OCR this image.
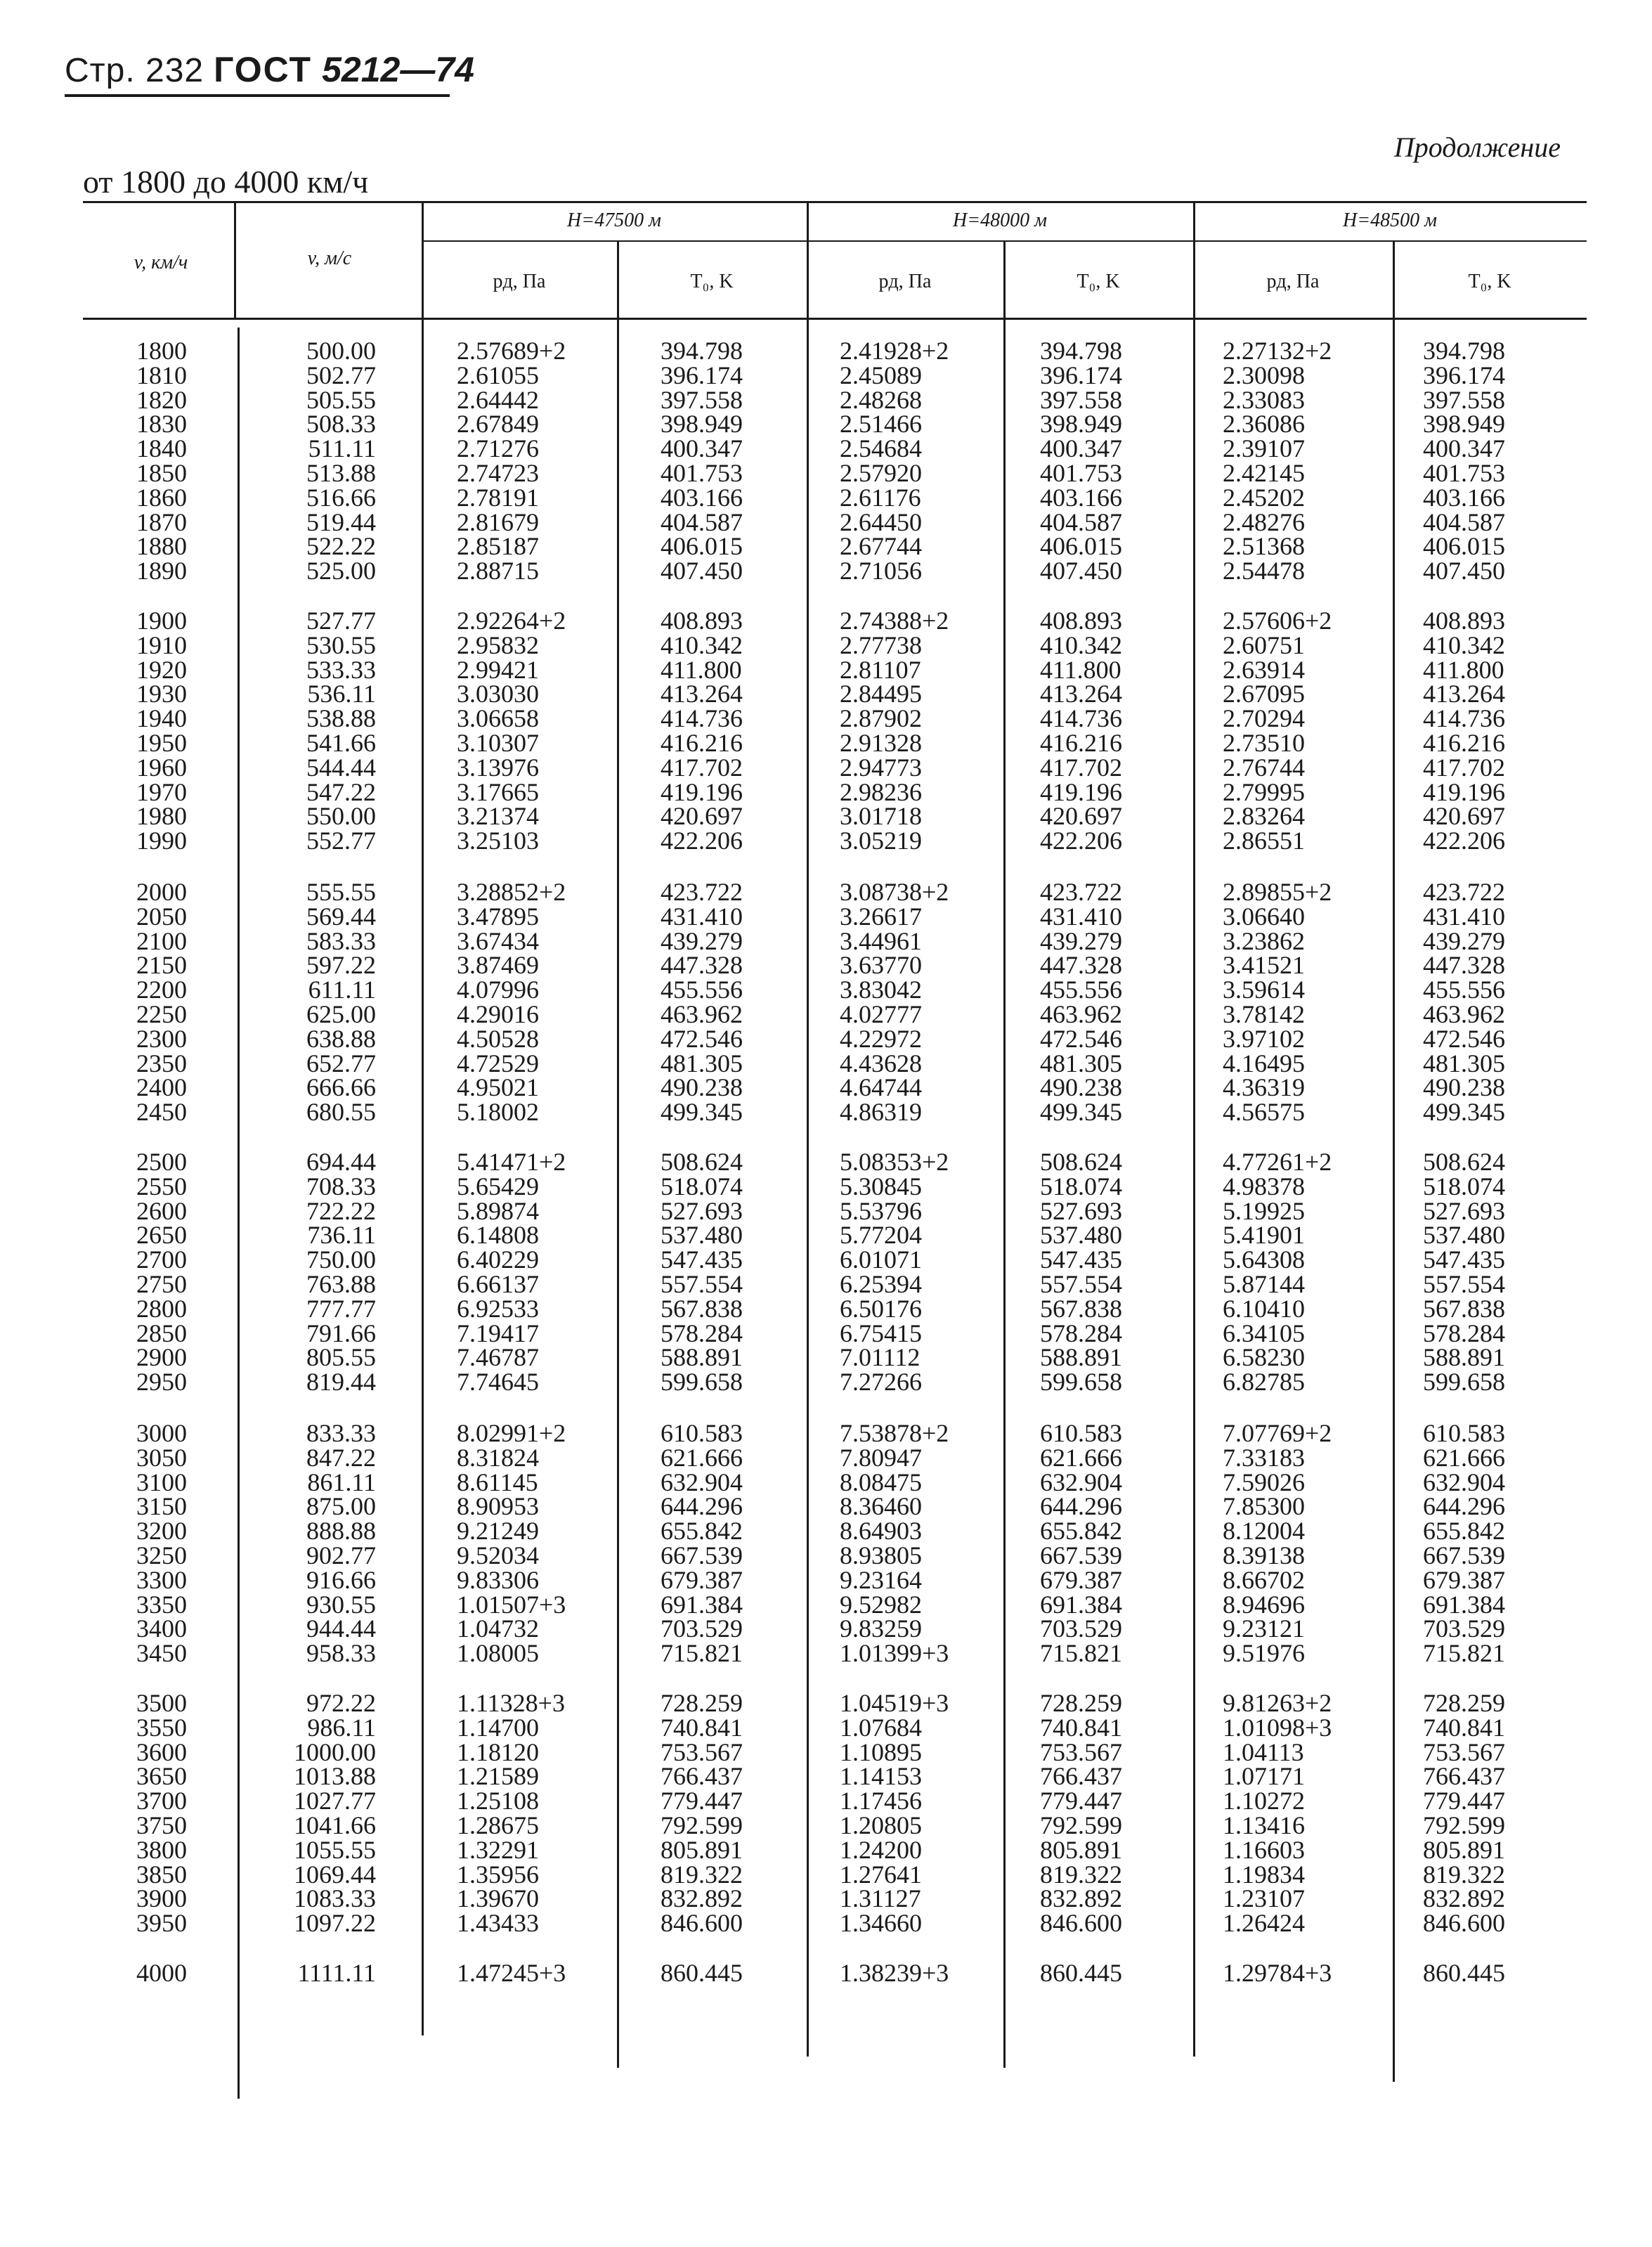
Стр. 232 ГОСТ 5212—74
Продолжение
от 1800 до 4000 км/ч
v, км/ч	v, м/с
H=47500 м	H=48000 м	H=48500 м
pд, Па	T₀, K	pд, Па	T₀, K	pд, Па	T₀, K
1800	500.00	2.57689+2	394.798	2.41928+2	394.798	2.27132+2	394.798
1810	502.77	2.61055	396.174	2.45089	396.174	2.30098	396.174
1820	505.55	2.64442	397.558	2.48268	397.558	2.33083	397.558
1830	508.33	2.67849	398.949	2.51466	398.949	2.36086	398.949
1840	511.11	2.71276	400.347	2.54684	400.347	2.39107	400.347
1850	513.88	2.74723	401.753	2.57920	401.753	2.42145	401.753
1860	516.66	2.78191	403.166	2.61176	403.166	2.45202	403.166
1870	519.44	2.81679	404.587	2.64450	404.587	2.48276	404.587
1880	522.22	2.85187	406.015	2.67744	406.015	2.51368	406.015
1890	525.00	2.88715	407.450	2.71056	407.450	2.54478	407.450
1900	527.77	2.92264+2	408.893	2.74388+2	408.893	2.57606+2	408.893
1910	530.55	2.95832	410.342	2.77738	410.342	2.60751	410.342
1920	533.33	2.99421	411.800	2.81107	411.800	2.63914	411.800
1930	536.11	3.03030	413.264	2.84495	413.264	2.67095	413.264
1940	538.88	3.06658	414.736	2.87902	414.736	2.70294	414.736
1950	541.66	3.10307	416.216	2.91328	416.216	2.73510	416.216
1960	544.44	3.13976	417.702	2.94773	417.702	2.76744	417.702
1970	547.22	3.17665	419.196	2.98236	419.196	2.79995	419.196
1980	550.00	3.21374	420.697	3.01718	420.697	2.83264	420.697
1990	552.77	3.25103	422.206	3.05219	422.206	2.86551	422.206
2000	555.55	3.28852+2	423.722	3.08738+2	423.722	2.89855+2	423.722
2050	569.44	3.47895	431.410	3.26617	431.410	3.06640	431.410
2100	583.33	3.67434	439.279	3.44961	439.279	3.23862	439.279
2150	597.22	3.87469	447.328	3.63770	447.328	3.41521	447.328
2200	611.11	4.07996	455.556	3.83042	455.556	3.59614	455.556
2250	625.00	4.29016	463.962	4.02777	463.962	3.78142	463.962
2300	638.88	4.50528	472.546	4.22972	472.546	3.97102	472.546
2350	652.77	4.72529	481.305	4.43628	481.305	4.16495	481.305
2400	666.66	4.95021	490.238	4.64744	490.238	4.36319	490.238
2450	680.55	5.18002	499.345	4.86319	499.345	4.56575	499.345
2500	694.44	5.41471+2	508.624	5.08353+2	508.624	4.77261+2	508.624
2550	708.33	5.65429	518.074	5.30845	518.074	4.98378	518.074
2600	722.22	5.89874	527.693	5.53796	527.693	5.19925	527.693
2650	736.11	6.14808	537.480	5.77204	537.480	5.41901	537.480
2700	750.00	6.40229	547.435	6.01071	547.435	5.64308	547.435
2750	763.88	6.66137	557.554	6.25394	557.554	5.87144	557.554
2800	777.77	6.92533	567.838	6.50176	567.838	6.10410	567.838
2850	791.66	7.19417	578.284	6.75415	578.284	6.34105	578.284
2900	805.55	7.46787	588.891	7.01112	588.891	6.58230	588.891
2950	819.44	7.74645	599.658	7.27266	599.658	6.82785	599.658
3000	833.33	8.02991+2	610.583	7.53878+2	610.583	7.07769+2	610.583
3050	847.22	8.31824	621.666	7.80947	621.666	7.33183	621.666
3100	861.11	8.61145	632.904	8.08475	632.904	7.59026	632.904
3150	875.00	8.90953	644.296	8.36460	644.296	7.85300	644.296
3200	888.88	9.21249	655.842	8.64903	655.842	8.12004	655.842
3250	902.77	9.52034	667.539	8.93805	667.539	8.39138	667.539
3300	916.66	9.83306	679.387	9.23164	679.387	8.66702	679.387
3350	930.55	1.01507+3	691.384	9.52982	691.384	8.94696	691.384
3400	944.44	1.04732	703.529	9.83259	703.529	9.23121	703.529
3450	958.33	1.08005	715.821	1.01399+3	715.821	9.51976	715.821
3500	972.22	1.11328+3	728.259	1.04519+3	728.259	9.81263+2	728.259
3550	986.11	1.14700	740.841	1.07684	740.841	1.01098+3	740.841
3600	1000.00	1.18120	753.567	1.10895	753.567	1.04113	753.567
3650	1013.88	1.21589	766.437	1.14153	766.437	1.07171	766.437
3700	1027.77	1.25108	779.447	1.17456	779.447	1.10272	779.447
3750	1041.66	1.28675	792.599	1.20805	792.599	1.13416	792.599
3800	1055.55	1.32291	805.891	1.24200	805.891	1.16603	805.891
3850	1069.44	1.35956	819.322	1.27641	819.322	1.19834	819.322
3900	1083.33	1.39670	832.892	1.31127	832.892	1.23107	832.892
3950	1097.22	1.43433	846.600	1.34660	846.600	1.26424	846.600
4000	1111.11	1.47245+3	860.445	1.38239+3	860.445	1.29784+3	860.445
